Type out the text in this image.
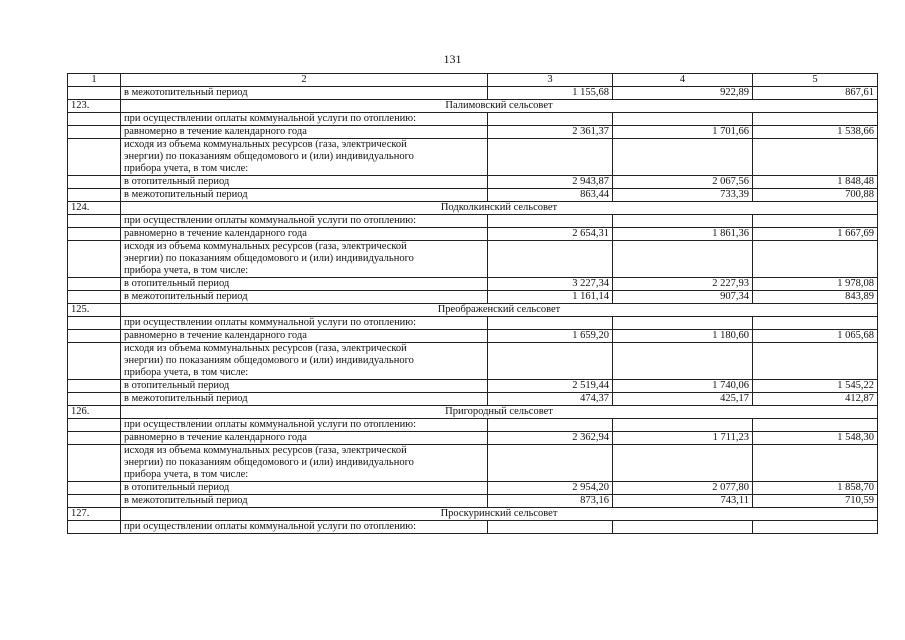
131
1	2	3	4	5
	в межотопительный период	1 155,68	922,89	867,61
123.	Палимовский сельсовет			
	при осуществлении оплаты коммунальной услуги по отоплению:			
	равномерно в течение календарного года	2 361,37	1 701,66	1 538,66

	исходя из объема коммунальных ресурсов (газа, электрической
энергии) по показаниям общедомового и (или) индивидуального
прибора учета, в том числе:			

	в отопительный период	2 943,87	2 067,56	1 848,48
	в межотопительный период	863,44	733,39	700,88
124.	Подколкинский сельсовет			
	при осуществлении оплаты коммунальной услуги по отоплению:			
	равномерно в течение календарного года	2 654,31	1 861,36	1 667,69

	исходя из объема коммунальных ресурсов (газа, электрической
энергии) по показаниям общедомового и (или) индивидуального
прибора учета, в том числе:			

	в отопительный период	3 227,34	2 227,93	1 978,08
	в межотопительный период	1 161,14	907,34	843,89
125.	Преображенский сельсовет			
	при осуществлении оплаты коммунальной услуги по отоплению:			
	равномерно в течение календарного года	1 659,20	1 180,60	1 065,68

	исходя из объема коммунальных ресурсов (газа, электрической
энергии) по показаниям общедомового и (или) индивидуального
прибора учета, в том числе:			

	в отопительный период	2 519,44	1 740,06	1 545,22
	в межотопительный период	474,37	425,17	412,87
126.	Пригородный сельсовет			
	при осуществлении оплаты коммунальной услуги по отоплению:			
	равномерно в течение календарного года	2 362,94	1 711,23	1 548,30

	исходя из объема коммунальных ресурсов (газа, электрической
энергии) по показаниям общедомового и (или) индивидуального
прибора учета, в том числе:			

	в отопительный период	2 954,20	2 077,80	1 858,70
	в межотопительный период	873,16	743,11	710,59
127.	Проскуринский сельсовет			
	при осуществлении оплаты коммунальной услуги по отоплению:			
